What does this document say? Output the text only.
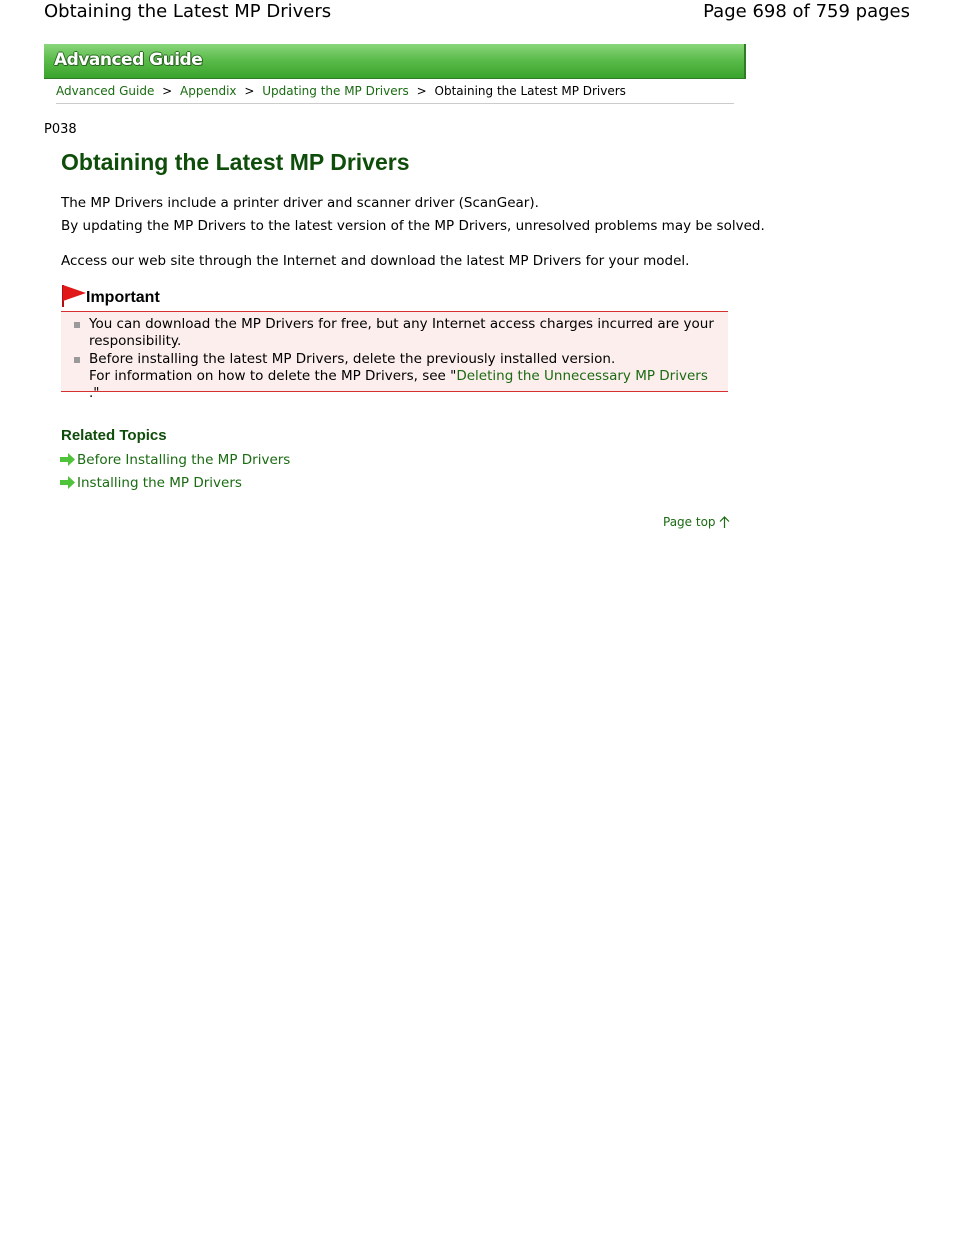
Obtaining the Latest MP Drivers	Page 698 of 759 pages
Advanced Guide
Advanced Guide > Appendix > Updating the MP Drivers > Obtaining the Latest MP Drivers
P038
Obtaining the Latest MP Drivers
The MP Drivers include a printer driver and scanner driver (ScanGear).
By updating the MP Drivers to the latest version of the MP Drivers, unresolved problems may be solved.
Access our web site through the Internet and download the latest MP Drivers for your model.
Important
You can download the MP Drivers for free, but any Internet access charges incurred are your responsibility.
Before installing the latest MP Drivers, delete the previously installed version.
For information on how to delete the MP Drivers, see "Deleting the Unnecessary MP Drivers ."
Related Topics
Before Installing the MP Drivers
Installing the MP Drivers
Page top
